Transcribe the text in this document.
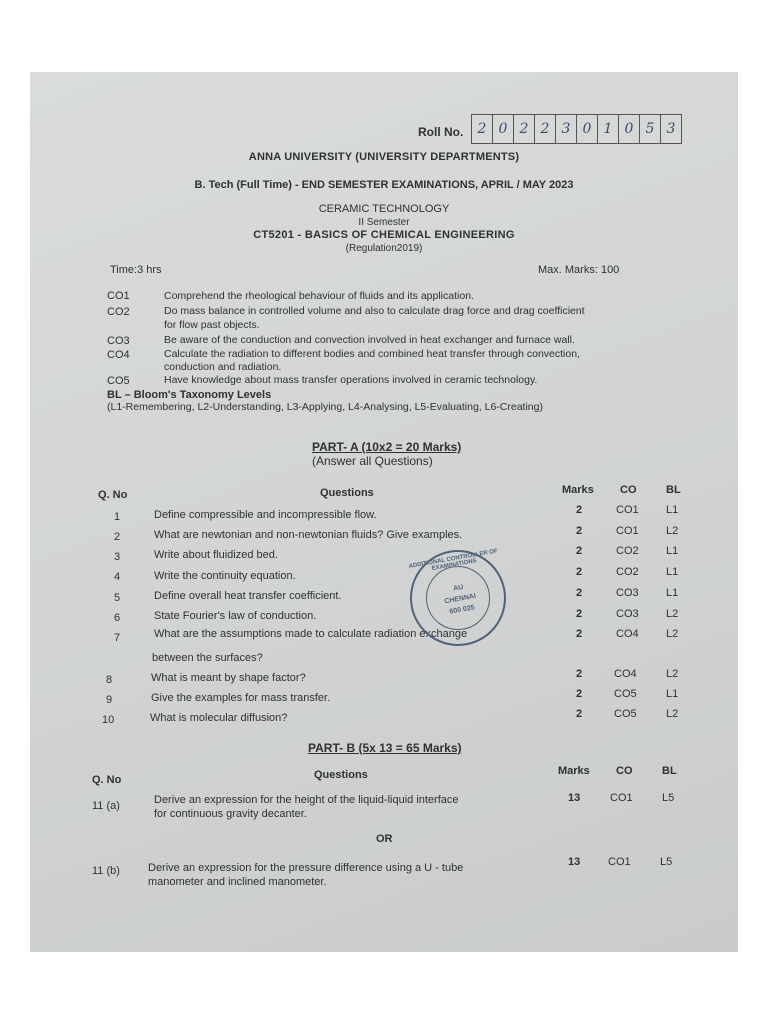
Roll No.	2 0 2 2 3 0 1 0 5 3
ANNA UNIVERSITY (UNIVERSITY DEPARTMENTS)
B. Tech (Full Time) - END SEMESTER EXAMINATIONS, APRIL / MAY 2023
CERAMIC TECHNOLOGY
II Semester
CT5201 - BASICS OF CHEMICAL ENGINEERING
(Regulation2019)
Time:3 hrs	Max. Marks: 100
CO1	Comprehend the rheological behaviour of fluids and its application.
CO2	Do mass balance in controlled volume and also to calculate drag force and drag coefficient
for flow past objects.
CO3	Be aware of the conduction and convection involved in heat exchanger and furnace wall.
CO4	Calculate the radiation to different bodies and combined heat transfer through convection,
conduction and radiation.
CO5	Have knowledge about mass transfer operations involved in ceramic technology.
BL – Bloom's Taxonomy Levels
(L1-Remembering, L2-Understanding, L3-Applying, L4-Analysing, L5-Evaluating, L6-Creating)
PART- A (10x2 = 20 Marks)
(Answer all Questions)
Q. No	Questions	Marks CO	BL
1	Define compressible and incompressible flow.	2	CO1 L1
2	What are newtonian and non-newtonian fluids? Give examples.	2	CO1 L2
3	Write about fluidized bed.	2	CO2 L1
4	Write the continuity equation.	2	CO2 L1
5	Define overall heat transfer coefficient.	2	CO3 L1
6	State Fourier's law of conduction.	2	CO3 L2
7	What are the assumptions made to calculate radiation exchange
between the surfaces?
2	CO4 L2
8	What is meant by shape factor?	2	CO4	L2
9	Give the examples for mass transfer.	2	CO5	L1
10	What is molecular diffusion?	2	CO5	L2
ADDITIONAL CONTROLLER OF EXAMINATIONS
AU
CHENNAI
600 025
PART- B (5x 13 = 65 Marks)
Q. No	Questions	Marks CO	BL
11 (a)	Derive an expression for the height of the liquid-liquid interface
for continuous gravity decanter.
13	CO1	L5
OR
11 (b)	Derive an expression for the pressure difference using a U - tube
manometer and inclined manometer.
13	CO1	L5
